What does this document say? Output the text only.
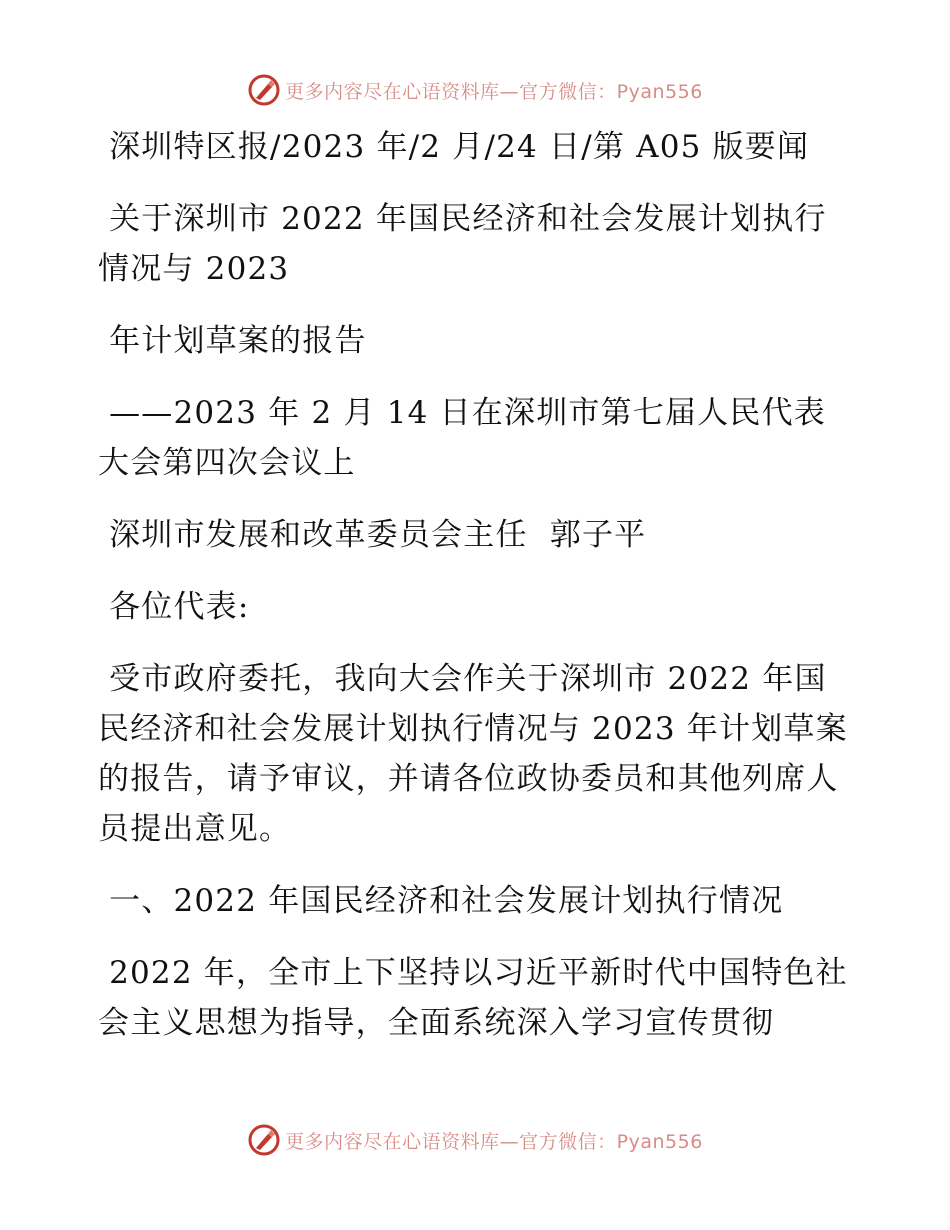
更多内容尽在心语资料库—官方微信：Pyan556

深圳特区报/2023 年/2 月/24 日/第 A05 版要闻

关于深圳市 2022 年国民经济和社会发展计划执行情况与 2023

年计划草案的报告

——2023 年 2 月 14 日在深圳市第七届人民代表大会第四次会议上

深圳市发展和改革委员会主任  郭子平

各位代表:

受市政府委托，我向大会作关于深圳市 2022 年国民经济和社会发展计划执行情况与 2023 年计划草案的报告，请予审议，并请各位政协委员和其他列席人员提出意见。

一、2022 年国民经济和社会发展计划执行情况

2022 年，全市上下坚持以习近平新时代中国特色社会主义思想为指导，全面系统深入学习宣传贯彻

更多内容尽在心语资料库—官方微信：Pyan556
